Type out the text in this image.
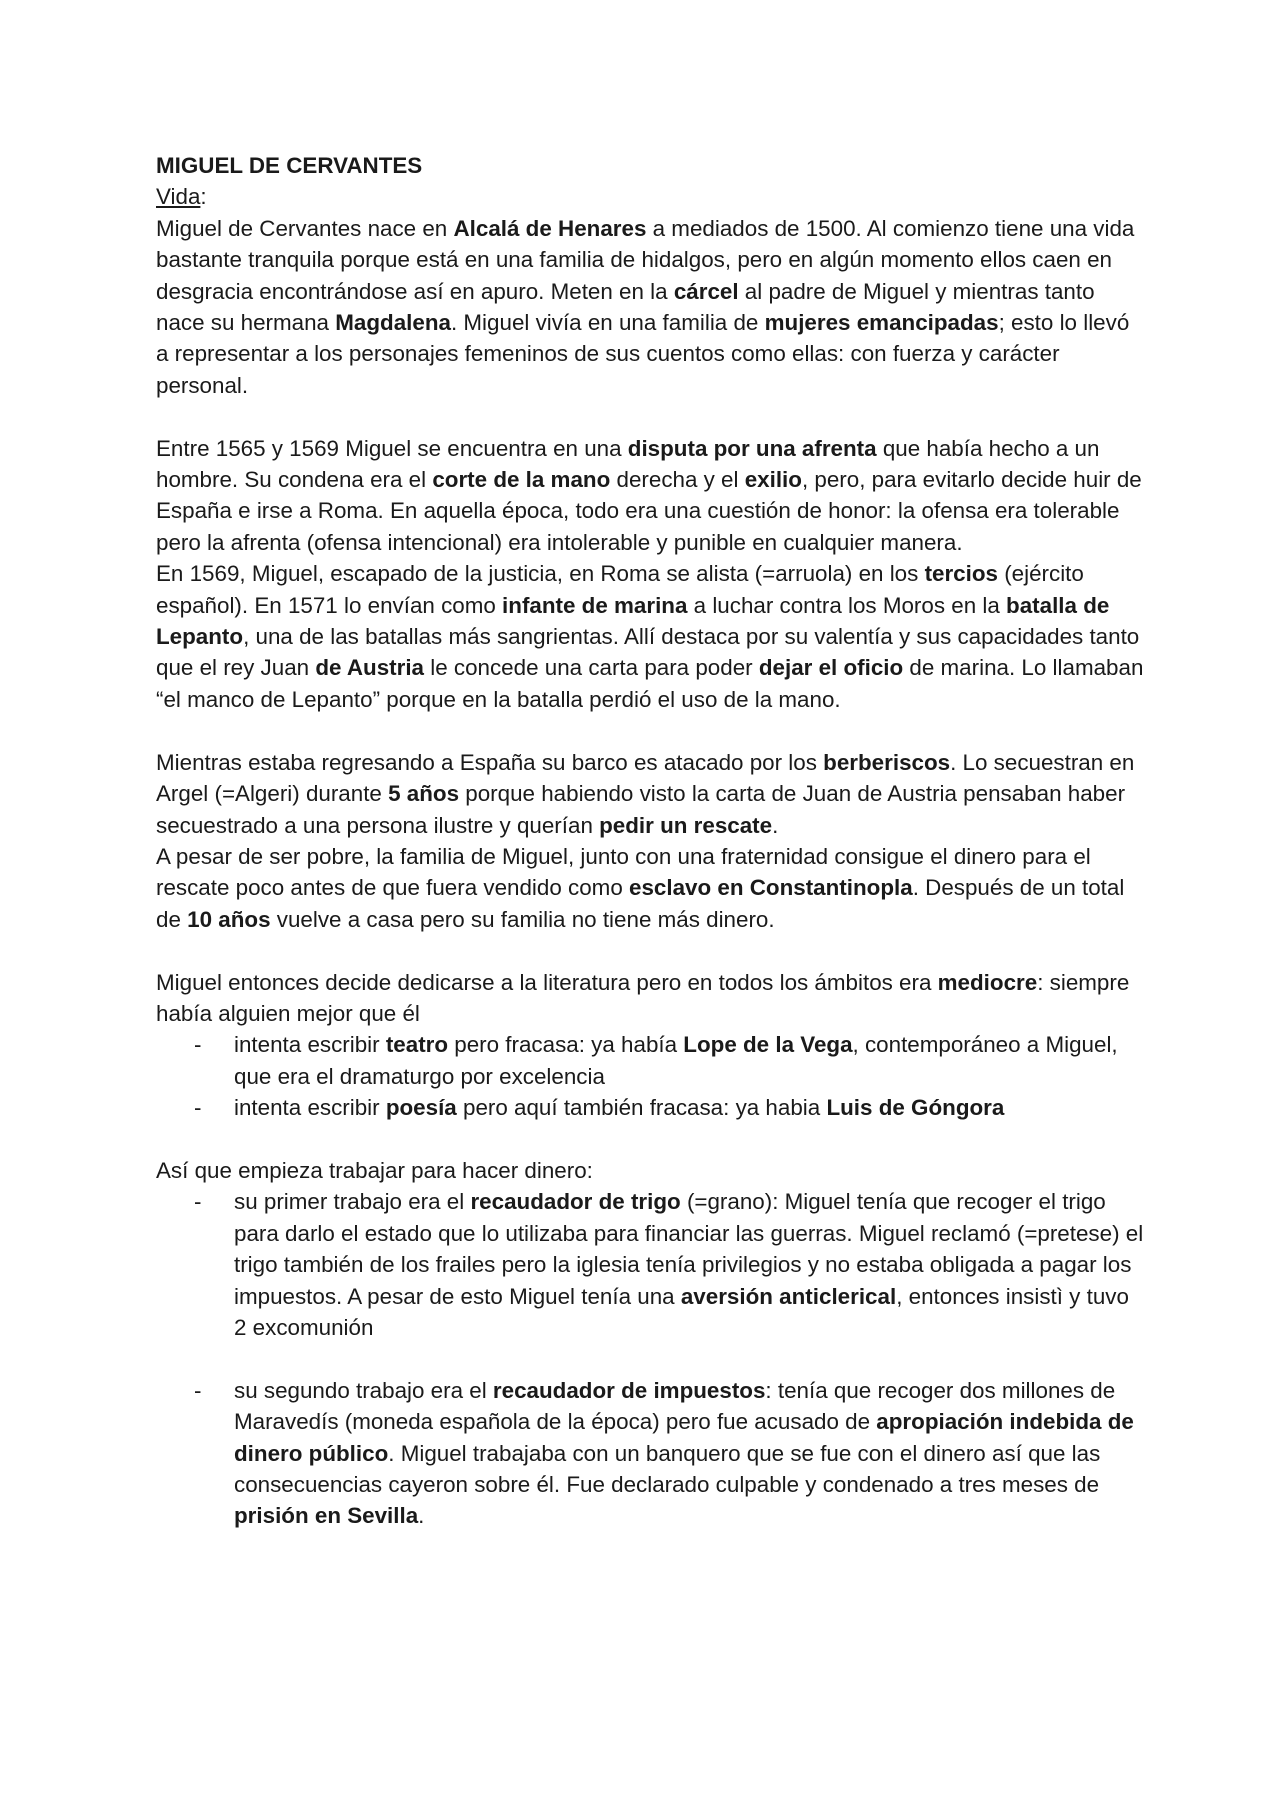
MIGUEL DE CERVANTES
Vida:

Miguel de Cervantes nace en Alcalá de Henares a mediados de 1500. Al comienzo tiene una vida bastante tranquila porque está en una familia de hidalgos, pero en algún momento ellos caen en desgracia encontrándose así en apuro. Meten en la cárcel al padre de Miguel y mientras tanto nace su hermana Magdalena. Miguel vivía en una familia de mujeres emancipadas; esto lo llevó a representar a los personajes femeninos de sus cuentos como ellas: con fuerza y carácter personal.

Entre 1565 y 1569 Miguel se encuentra en una disputa por una afrenta que había hecho a un hombre. Su condena era el corte de la mano derecha y el exilio, pero, para evitarlo decide huir de España e irse a Roma. En aquella época, todo era una cuestión de honor: la ofensa era tolerable pero la afrenta (ofensa intencional) era intolerable y punible en cualquier manera.

En 1569, Miguel, escapado de la justicia, en Roma se alista (=arruola) en los tercios (ejército español). En 1571 lo envían como infante de marina a luchar contra los Moros en la batalla de Lepanto, una de las batallas más sangrientas. Allí destaca por su valentía y sus capacidades tanto que el rey Juan de Austria le concede una carta para poder dejar el oficio de marina. Lo llamaban “el manco de Lepanto” porque en la batalla perdió el uso de la mano.

Mientras estaba regresando a España su barco es atacado por los berberiscos. Lo secuestran en Argel (=Algeri) durante 5 años porque habiendo visto la carta de Juan de Austria pensaban haber secuestrado a una persona ilustre y querían pedir un rescate.

A pesar de ser pobre, la familia de Miguel, junto con una fraternidad consigue el dinero para el rescate poco antes de que fuera vendido como esclavo en Constantinopla. Después de un total de 10 años vuelve a casa pero su familia no tiene más dinero.

Miguel entonces decide dedicarse a la literatura pero en todos los ámbitos era mediocre: siempre había alguien mejor que él

- intenta escribir teatro pero fracasa: ya había Lope de la Vega, contemporáneo a Miguel, que era el dramaturgo por excelencia
- intenta escribir poesía pero aquí también fracasa: ya habia Luis de Góngora

Así que empieza trabajar para hacer dinero:

- su primer trabajo era el recaudador de trigo (=grano): Miguel tenía que recoger el trigo para darlo el estado que lo utilizaba para financiar las guerras. Miguel reclamó (=pretese) el trigo también de los frailes pero la iglesia tenía privilegios y no estaba obligada a pagar los impuestos. A pesar de esto Miguel tenía una aversión anticlerical, entonces insistì y tuvo 2 excomunión
- su segundo trabajo era el recaudador de impuestos: tenía que recoger dos millones de Maravedís (moneda española de la época) pero fue acusado de apropiación indebida de dinero público. Miguel trabajaba con un banquero que se fue con el dinero así que las consecuencias cayeron sobre él. Fue declarado culpable y condenado a tres meses de prisión en Sevilla.
